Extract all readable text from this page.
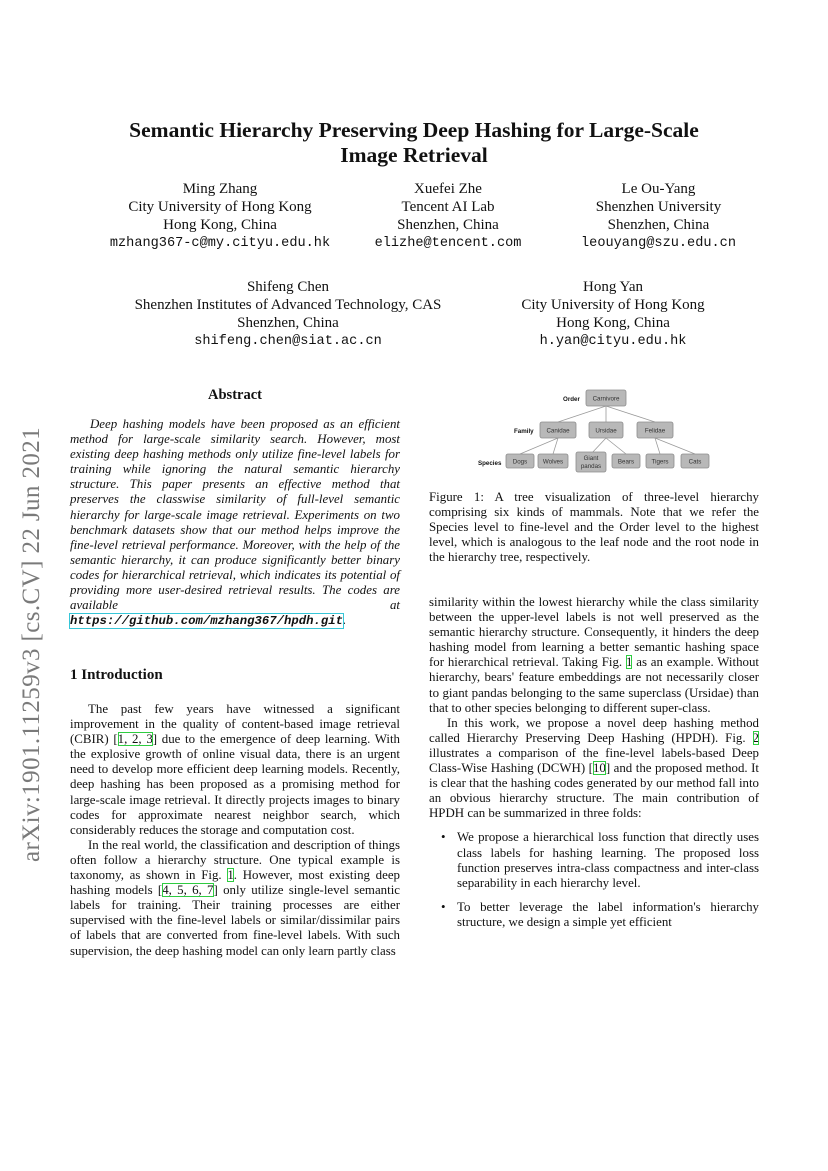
Semantic Hierarchy Preserving Deep Hashing for Large-Scale
Image Retrieval
Ming Zhang
City University of Hong Kong
Hong Kong, China
mzhang367-c@my.cityu.edu.hk
Xuefei Zhe
Tencent AI Lab
Shenzhen, China
elizhe@tencent.com
Le Ou-Yang
Shenzhen University
Shenzhen, China
leouyang@szu.edu.cn
Shifeng Chen
Shenzhen Institutes of Advanced Technology, CAS
Shenzhen, China
shifeng.chen@siat.ac.cn
Hong Yan
City University of Hong Kong
Hong Kong, China
h.yan@cityu.edu.hk
arXiv:1901.11259v3 [cs.CV] 22 Jun 2021
Abstract
Deep hashing models have been proposed as an efficient method for large-scale similarity search. However, most existing deep hashing methods only utilize fine-level labels for training while ignoring the natural semantic hierarchy structure. This paper presents an effective method that preserves the classwise similarity of full-level semantic hierarchy for large-scale image retrieval. Experiments on two benchmark datasets show that our method helps improve the fine-level retrieval performance. Moreover, with the help of the semantic hierarchy, it can produce significantly better binary codes for hierarchical retrieval, which indicates its potential of providing more user-desired retrieval results. The codes are available at https://github.com/mzhang367/hpdh.git.
1 Introduction

The past few years have witnessed a significant improvement in the quality of content-based image retrieval (CBIR) [1, 2, 3] due to the emergence of deep learning. With the explosive growth of online visual data, there is an urgent need to develop more efficient deep learning models. Recently, deep hashing has been proposed as a promising method for large-scale image retrieval. It directly projects images to binary codes for approximate nearest neighbor search, which considerably reduces the storage and computation cost.

In the real world, the classification and description of things often follow a hierarchy structure. One typical example is taxonomy, as shown in Fig. 1. However, most existing deep hashing models [4, 5, 6, 7] only utilize single-level semantic labels for training. Their training processes are either supervised with the fine-level labels or similar/dissimilar pairs of labels that are converted from fine-level labels. With such supervision, the deep hashing model can only learn partly class

Order
Family
Species
Carnivore
Canidae	Ursidae	Felidae
Dogs	Wolves	Giant
pandas
Bears	Tigers	Cats
Figure 1: A tree visualization of three-level hierarchy comprising six kinds of mammals. Note that we refer the Species level to fine-level and the Order level to the highest level, which is analogous to the leaf node and the root node in the hierarchy tree, respectively.

similarity within the lowest hierarchy while the class similarity between the upper-level labels is not well preserved as the semantic hierarchy structure. Consequently, it hinders the deep hashing model from learning a better semantic hashing space for hierarchical retrieval. Taking Fig. 1 as an example. Without hierarchy, bears' feature embeddings are not necessarily closer to giant pandas belonging to the same superclass (Ursidae) than that to other species belonging to different super-class.

In this work, we propose a novel deep hashing method called Hierarchy Preserving Deep Hashing (HPDH). Fig. 2 illustrates a comparison of the fine-level labels-based Deep Class-Wise Hashing (DCWH) [10] and the proposed method. It is clear that the hashing codes generated by our method fall into an obvious hierarchy structure. The main contribution of HPDH can be summarized in three folds:

• We propose a hierarchical loss function that directly uses class labels for hashing learning. The proposed loss function preserves intra-class compactness and inter-class separability in each hierarchy level.
• To better leverage the label information's hierarchy structure, we design a simple yet efficient
